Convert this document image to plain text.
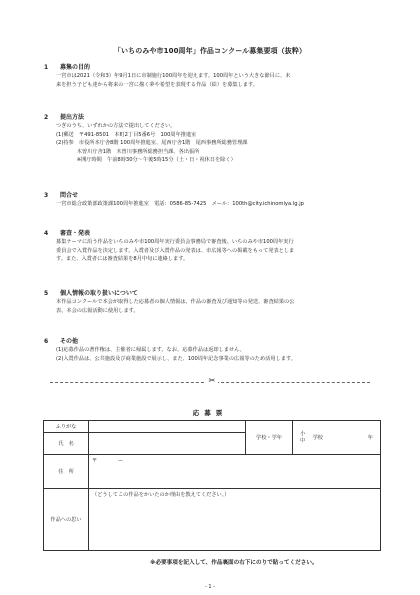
「いちのみや市100周年」作品コンクール募集要項（抜粋）
1 募集の目的
一宮市は2021（令和3）年9月1日に市制施行100周年を迎えます。100周年という大きな節目に、未
来を担う子ども達から将来の一宮に描く夢や希望を表現する作品（絵）を募集します。
2 提出方法
つぎのうち、いずれかの方法で提出してください。
(1)郵送　〒491-8501　本町2丁目5番6号　100周年推進室
(2)持参　市役所本庁舎8階 100周年推進室、尾西庁舎1階　尾西事務所総務管理課
　　　　木曽川庁舎1階　木曽川事務所総務担当課、各出張所
　　　　※開庁時間　午前8時30分～午後5時15分（土・日・祝休日を除く）
3 問合せ
一宮市総合政策部政策課100周年推進室　電話：0586-85-7425　メール：100th@city.ichinomiya.lg.jp
4 審査・発表
募集テーマに沿う作品をいちのみや市100周年実行委員会事務局で審査後、いちのみや市100周年実行
委員会で入賞作品を決定します。入賞者及び入賞作品の発表は、市広報等への掲載をもって発表としま
す。また、入賞者には審査結果を8月中旬に連絡します。
5 個人情報の取り扱いについて
本作品コンクールで本会が取得した応募者の個人情報は、作品の審査及び通知等の発送、審査結果の公
表、本会の広報活動に使用します。
6 その他
(1)応募作品の著作権は、主催者に帰属します。なお、応募作品は返却しません。
(2)入賞作品は、公共施設及び商業施設で展示し、また、100周年記念事業の広報等のため活用します。
✂
応募票
ふりがな		学校・学年	小
中 学校 年

氏　名			
住　所	〒　　　　ー		
作品への思い	（どうしてこの作品をかいたのか理由を教えてください。）		
※必要事項を記入して、作品裏面の右下にのりで貼ってください。
- 1 -
